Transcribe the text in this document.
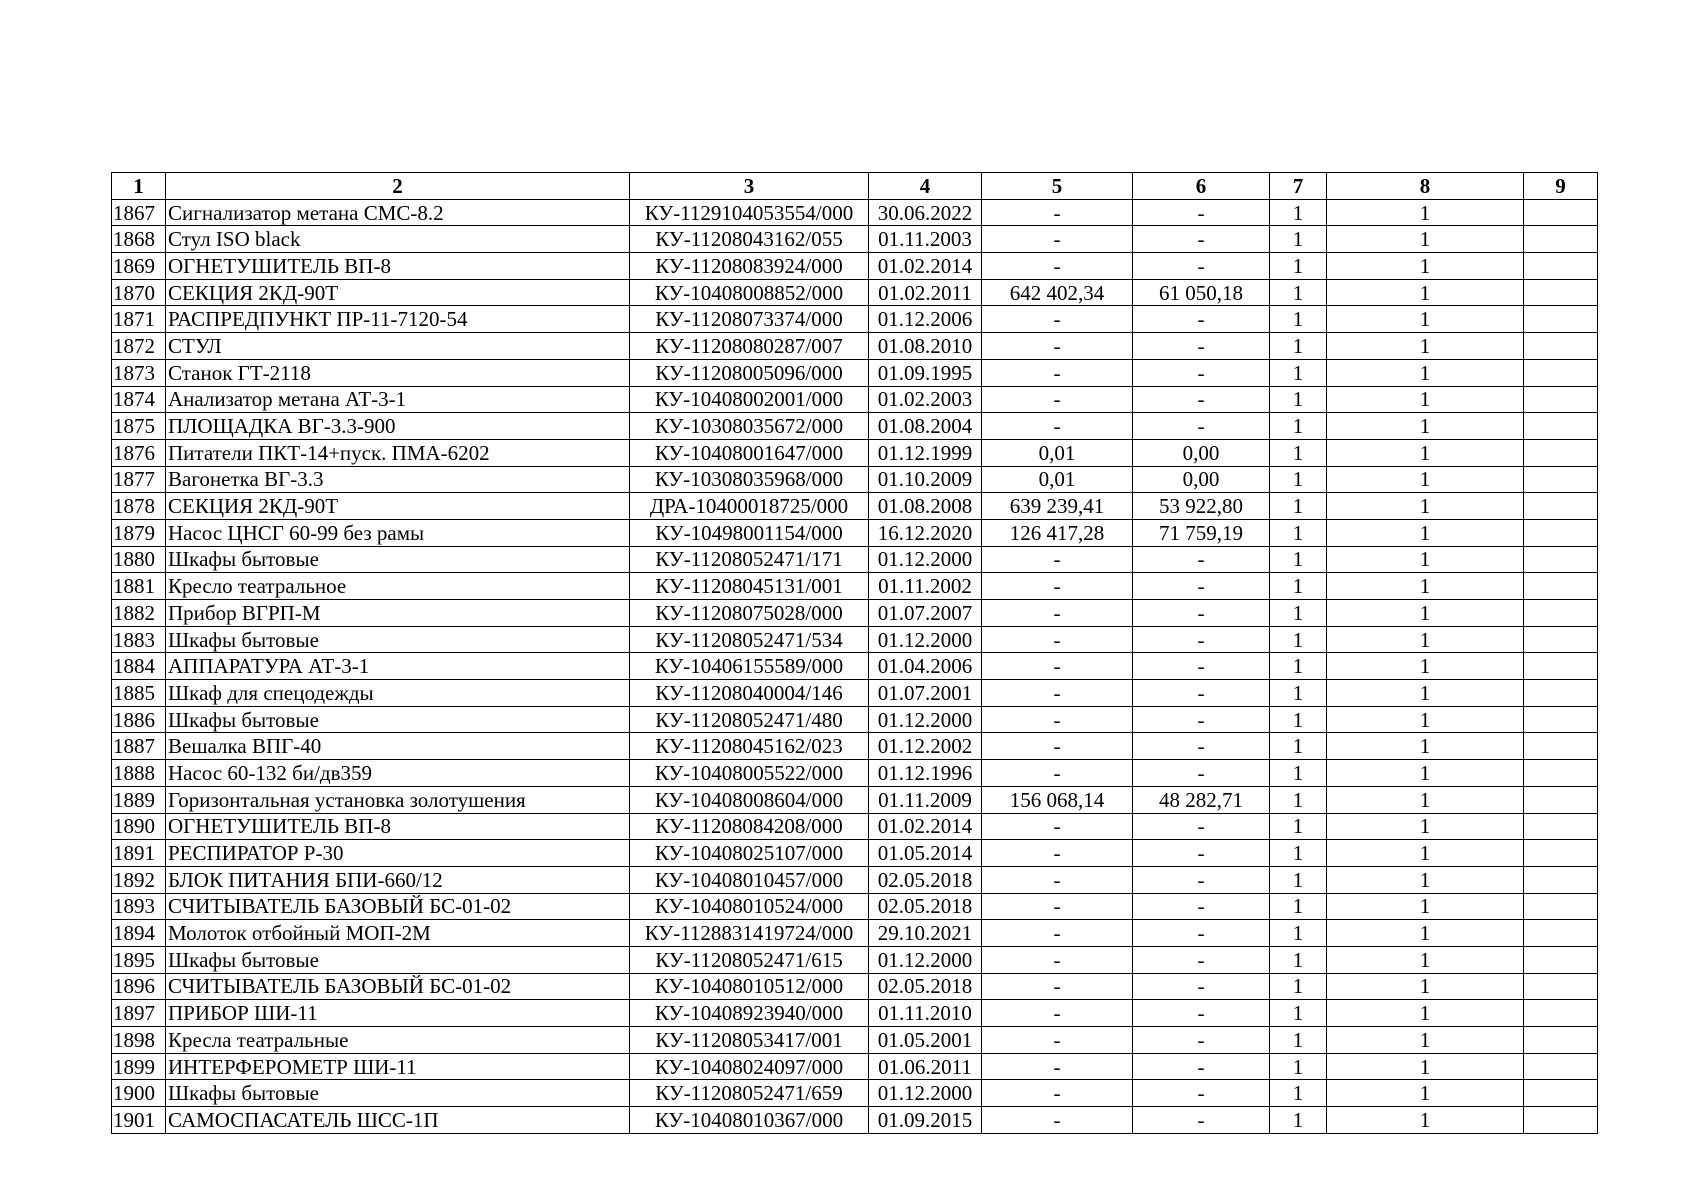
1	2	3	4	5	6	7	8	9
1867	Сигнализатор метана СМС-8.2	КУ-1129104053554/000	30.06.2022	-	-	1	1	
1868	Стул ISO black	КУ-11208043162/055	01.11.2003	-	-	1	1	
1869	ОГНЕТУШИТЕЛЬ ВП-8	КУ-11208083924/000	01.02.2014	-	-	1	1	
1870	СЕКЦИЯ 2КД-90Т	КУ-10408008852/000	01.02.2011	642 402,34	61 050,18	1	1	
1871	РАСПРЕДПУНКТ ПР-11-7120-54	КУ-11208073374/000	01.12.2006	-	-	1	1	
1872	СТУЛ	КУ-11208080287/007	01.08.2010	-	-	1	1	
1873	Станок ГТ-2118	КУ-11208005096/000	01.09.1995	-	-	1	1	
1874	Анализатор метана АТ-3-1	КУ-10408002001/000	01.02.2003	-	-	1	1	
1875	ПЛОЩАДКА ВГ-3.3-900	КУ-10308035672/000	01.08.2004	-	-	1	1	
1876	Питатели ПКТ-14+пуск. ПМА-6202	КУ-10408001647/000	01.12.1999	0,01	0,00	1	1	
1877	Вагонетка ВГ-3.3	КУ-10308035968/000	01.10.2009	0,01	0,00	1	1	
1878	СЕКЦИЯ 2КД-90Т	ДРА-10400018725/000	01.08.2008	639 239,41	53 922,80	1	1	
1879	Насос ЦНСГ 60-99 без рамы	КУ-10498001154/000	16.12.2020	126 417,28	71 759,19	1	1	
1880	Шкафы бытовые	КУ-11208052471/171	01.12.2000	-	-	1	1	
1881	Кресло театральное	КУ-11208045131/001	01.11.2002	-	-	1	1	
1882	Прибор ВГРП-М	КУ-11208075028/000	01.07.2007	-	-	1	1	
1883	Шкафы бытовые	КУ-11208052471/534	01.12.2000	-	-	1	1	
1884	АППАРАТУРА АТ-3-1	КУ-10406155589/000	01.04.2006	-	-	1	1	
1885	Шкаф для спецодежды	КУ-11208040004/146	01.07.2001	-	-	1	1	
1886	Шкафы бытовые	КУ-11208052471/480	01.12.2000	-	-	1	1	
1887	Вешалка ВПГ-40	КУ-11208045162/023	01.12.2002	-	-	1	1	
1888	Насос 60-132 би/дв359	КУ-10408005522/000	01.12.1996	-	-	1	1	
1889	Горизонтальная установка золотушения	КУ-10408008604/000	01.11.2009	156 068,14	48 282,71	1	1	
1890	ОГНЕТУШИТЕЛЬ ВП-8	КУ-11208084208/000	01.02.2014	-	-	1	1	
1891	РЕСПИРАТОР Р-30	КУ-10408025107/000	01.05.2014	-	-	1	1	
1892	БЛОК ПИТАНИЯ БПИ-660/12	КУ-10408010457/000	02.05.2018	-	-	1	1	
1893	СЧИТЫВАТЕЛЬ БАЗОВЫЙ БС-01-02	КУ-10408010524/000	02.05.2018	-	-	1	1	
1894	Молоток отбойный МОП-2М	КУ-1128831419724/000	29.10.2021	-	-	1	1	
1895	Шкафы бытовые	КУ-11208052471/615	01.12.2000	-	-	1	1	
1896	СЧИТЫВАТЕЛЬ БАЗОВЫЙ БС-01-02	КУ-10408010512/000	02.05.2018	-	-	1	1	
1897	ПРИБОР ШИ-11	КУ-10408923940/000	01.11.2010	-	-	1	1	
1898	Кресла театральные	КУ-11208053417/001	01.05.2001	-	-	1	1	
1899	ИНТЕРФЕРОМЕТР ШИ-11	КУ-10408024097/000	01.06.2011	-	-	1	1	
1900	Шкафы бытовые	КУ-11208052471/659	01.12.2000	-	-	1	1	
1901	САМОСПАСАТЕЛЬ ШСС-1П	КУ-10408010367/000	01.09.2015	-	-	1	1	
